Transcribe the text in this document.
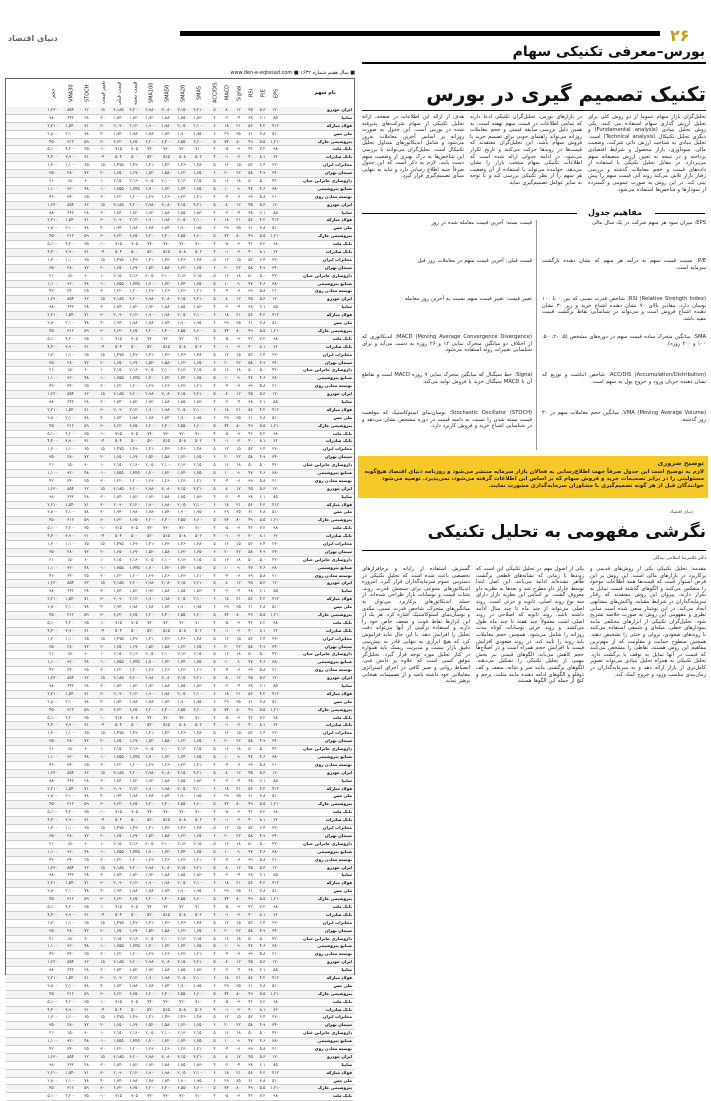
دنیای اقتصاد	۲۶
بورس–معرفی تکنیکی سهام
■ سال هفتم شماره ۱۶۳۲ ■ www.den-e-eqtesad.com
نام سهم
EPS
P/E
RSI
Signal
MACD
ACC/DIS
SMA5
SMA20
SMA50
SMA100
قیمت بسته
قیمت قبلی
تغییر قیمت
STOCH
VMA30
حجم
ایران خودرو
۱۲۰
۵.۳
۴۵
۱۲
۸
۵
۳,۲۱۰
۳,۱۵۰
۳,۰۸۰
۲,۹۸۰
۳,۲۰۰
۳,۱۸۵
۱۵
۶۲
۸۵۴
۱,۲۳۰
سایپا
۸۵
۶.۱
۳۸
-۴
-۲
۴
۱,۸۳۰
۱,۸۵۰
۱,۸۸۰
۱,۹۲۰
۱,۸۲۰
۱,۸۴۰
-۲۰
۲۸
۶۴۲
۹۸۰
فولاد مبارکه
۴۱۲
۴.۲
۵۶
۲۱
۱۸
۶
۲,۱۰۰
۲,۰۵۰
۱,۹۸۰
۱,۹۰۰
۲,۱۲۰
۲,۰۹۰
۳۰
۷۱
۱,۵۴۰
۲,۲۱۰
ملی مس
۵۱۰
۳.۸
۶۱
۳۵
۲۹
۶
۱,۹۵۰
۱,۹۰۰
۱,۸۴۰
۱,۷۸۰
۱,۹۸۰
۱,۹۴۰
۴۰
۷۸
۲,۱۰۰
۲,۸۰۰
پتروشیمی خارک
۱,۲۱۰
۵.۵
۴۹
۸۰
۷۴
۵
۶,۶۰۰
۶,۵۵۰
۶,۴۰۰
۶,۲۰۰
۶,۶۵۰
۶,۶۲۰
۳۰
۵۹
۳۱۲
۴۵۰
بانک ملت
۹۸
۷.۲
۴۲
-۳
-۵
۴
۷۱۰
۷۲۰
۷۳۰
۷۴۰
۷۰۵
۷۱۵
-۱۰
۳۵
۴,۲۰۰
۵,۱۰۰
بانک صادرات
۶۲
۸.۱
۴۰
-۲
-۱
۴
۵۰۲
۵۰۸
۵۱۵
۵۲۰
۵۰۰
۵۰۴
-۴
۳۱
۳,۹۰۰
۴,۴۰۰
مخابرات ایران
۲۳۰
۶.۴
۵۲
۱۵
۱۲
۵
۱,۴۸۰
۱,۴۶۰
۱,۴۳۰
۱,۴۱۰
۱,۴۹۰
۱,۴۷۵
۱۵
۶۵
۱,۱۰۰
۱,۳۰۰
سیمان تهران
۳۴۰
۴.۹
۵۸
۲۲
۲۰
۶
۱,۶۵۰
۱,۶۲۰
۱,۵۸۰
۱,۵۲۰
۱,۶۷۰
۱,۶۵۰
۲۰
۷۲
۲۸۰
۳۵۰
داروسازی جابرابن حیان
۴۲۰
۵.۰
۵۰
۱۸
۱۶
۵
۲,۱۵۰
۲,۱۳۰
۲,۱۰۰
۲,۰۵۰
۲,۱۶۰
۲,۱۵۰
۱۰
۶۰
۱۵۰
۲۱۰
صنایع پتروشیمی
۳۸۰
۴.۶
۴۷
۹
۱۰
۵
۱,۷۵۰
۱,۷۴۰
۱,۷۲۰
۱,۷۰۰
۱,۷۴۵
۱,۷۵۵
-۱۰
۴۸
۹۲۰
۱,۱۰۰
توسعه معادن روی
۲۱۰
۵.۸
۳۹
-۶
-۴
۴
۱,۲۱۰
۱,۲۳۰
۱,۲۶۰
۱,۲۹۰
۱,۲۰۰
۱,۲۲۰
-۲۰
۲۵
۳۴۰
۴۲۰
ایران خودرو
۱۲۰
۵.۳
۴۵
۱۲
۸
۵
۳,۲۱۰
۳,۱۵۰
۳,۰۸۰
۲,۹۸۰
۳,۲۰۰
۳,۱۸۵
۱۵
۶۲
۸۵۴
۱,۲۳۰
سایپا
۸۵
۶.۱
۳۸
-۴
-۲
۴
۱,۸۳۰
۱,۸۵۰
۱,۸۸۰
۱,۹۲۰
۱,۸۲۰
۱,۸۴۰
-۲۰
۲۸
۶۴۲
۹۸۰
فولاد مبارکه
۴۱۲
۴.۲
۵۶
۲۱
۱۸
۶
۲,۱۰۰
۲,۰۵۰
۱,۹۸۰
۱,۹۰۰
۲,۱۲۰
۲,۰۹۰
۳۰
۷۱
۱,۵۴۰
۲,۲۱۰
ملی مس
۵۱۰
۳.۸
۶۱
۳۵
۲۹
۶
۱,۹۵۰
۱,۹۰۰
۱,۸۴۰
۱,۷۸۰
۱,۹۸۰
۱,۹۴۰
۴۰
۷۸
۲,۱۰۰
۲,۸۰۰
پتروشیمی خارک
۱,۲۱۰
۵.۵
۴۹
۸۰
۷۴
۵
۶,۶۰۰
۶,۵۵۰
۶,۴۰۰
۶,۲۰۰
۶,۶۵۰
۶,۶۲۰
۳۰
۵۹
۳۱۲
۴۵۰
بانک ملت
۹۸
۷.۲
۴۲
-۳
-۵
۴
۷۱۰
۷۲۰
۷۳۰
۷۴۰
۷۰۵
۷۱۵
-۱۰
۳۵
۴,۲۰۰
۵,۱۰۰
بانک صادرات
۶۲
۸.۱
۴۰
-۲
-۱
۴
۵۰۲
۵۰۸
۵۱۵
۵۲۰
۵۰۰
۵۰۴
-۴
۳۱
۳,۹۰۰
۴,۴۰۰
مخابرات ایران
۲۳۰
۶.۴
۵۲
۱۵
۱۲
۵
۱,۴۸۰
۱,۴۶۰
۱,۴۳۰
۱,۴۱۰
۱,۴۹۰
۱,۴۷۵
۱۵
۶۵
۱,۱۰۰
۱,۳۰۰
سیمان تهران
۳۴۰
۴.۹
۵۸
۲۲
۲۰
۶
۱,۶۵۰
۱,۶۲۰
۱,۵۸۰
۱,۵۲۰
۱,۶۷۰
۱,۶۵۰
۲۰
۷۲
۲۸۰
۳۵۰
داروسازی جابرابن حیان
۴۲۰
۵.۰
۵۰
۱۸
۱۶
۵
۲,۱۵۰
۲,۱۳۰
۲,۱۰۰
۲,۰۵۰
۲,۱۶۰
۲,۱۵۰
۱۰
۶۰
۱۵۰
۲۱۰
صنایع پتروشیمی
۳۸۰
۴.۶
۴۷
۹
۱۰
۵
۱,۷۵۰
۱,۷۴۰
۱,۷۲۰
۱,۷۰۰
۱,۷۴۵
۱,۷۵۵
-۱۰
۴۸
۹۲۰
۱,۱۰۰
توسعه معادن روی
۲۱۰
۵.۸
۳۹
-۶
-۴
۴
۱,۲۱۰
۱,۲۳۰
۱,۲۶۰
۱,۲۹۰
۱,۲۰۰
۱,۲۲۰
-۲۰
۲۵
۳۴۰
۴۲۰
ایران خودرو
۱۲۰
۵.۳
۴۵
۱۲
۸
۵
۳,۲۱۰
۳,۱۵۰
۳,۰۸۰
۲,۹۸۰
۳,۲۰۰
۳,۱۸۵
۱۵
۶۲
۸۵۴
۱,۲۳۰
سایپا
۸۵
۶.۱
۳۸
-۴
-۲
۴
۱,۸۳۰
۱,۸۵۰
۱,۸۸۰
۱,۹۲۰
۱,۸۲۰
۱,۸۴۰
-۲۰
۲۸
۶۴۲
۹۸۰
فولاد مبارکه
۴۱۲
۴.۲
۵۶
۲۱
۱۸
۶
۲,۱۰۰
۲,۰۵۰
۱,۹۸۰
۱,۹۰۰
۲,۱۲۰
۲,۰۹۰
۳۰
۷۱
۱,۵۴۰
۲,۲۱۰
ملی مس
۵۱۰
۳.۸
۶۱
۳۵
۲۹
۶
۱,۹۵۰
۱,۹۰۰
۱,۸۴۰
۱,۷۸۰
۱,۹۸۰
۱,۹۴۰
۴۰
۷۸
۲,۱۰۰
۲,۸۰۰
پتروشیمی خارک
۱,۲۱۰
۵.۵
۴۹
۸۰
۷۴
۵
۶,۶۰۰
۶,۵۵۰
۶,۴۰۰
۶,۲۰۰
۶,۶۵۰
۶,۶۲۰
۳۰
۵۹
۳۱۲
۴۵۰
بانک ملت
۹۸
۷.۲
۴۲
-۳
-۵
۴
۷۱۰
۷۲۰
۷۳۰
۷۴۰
۷۰۵
۷۱۵
-۱۰
۳۵
۴,۲۰۰
۵,۱۰۰
بانک صادرات
۶۲
۸.۱
۴۰
-۲
-۱
۴
۵۰۲
۵۰۸
۵۱۵
۵۲۰
۵۰۰
۵۰۴
-۴
۳۱
۳,۹۰۰
۴,۴۰۰
مخابرات ایران
۲۳۰
۶.۴
۵۲
۱۵
۱۲
۵
۱,۴۸۰
۱,۴۶۰
۱,۴۳۰
۱,۴۱۰
۱,۴۹۰
۱,۴۷۵
۱۵
۶۵
۱,۱۰۰
۱,۳۰۰
سیمان تهران
۳۴۰
۴.۹
۵۸
۲۲
۲۰
۶
۱,۶۵۰
۱,۶۲۰
۱,۵۸۰
۱,۵۲۰
۱,۶۷۰
۱,۶۵۰
۲۰
۷۲
۲۸۰
۳۵۰
داروسازی جابرابن حیان
۴۲۰
۵.۰
۵۰
۱۸
۱۶
۵
۲,۱۵۰
۲,۱۳۰
۲,۱۰۰
۲,۰۵۰
۲,۱۶۰
۲,۱۵۰
۱۰
۶۰
۱۵۰
۲۱۰
صنایع پتروشیمی
۳۸۰
۴.۶
۴۷
۹
۱۰
۵
۱,۷۵۰
۱,۷۴۰
۱,۷۲۰
۱,۷۰۰
۱,۷۴۵
۱,۷۵۵
-۱۰
۴۸
۹۲۰
۱,۱۰۰
توسعه معادن روی
۲۱۰
۵.۸
۳۹
-۶
-۴
۴
۱,۲۱۰
۱,۲۳۰
۱,۲۶۰
۱,۲۹۰
۱,۲۰۰
۱,۲۲۰
-۲۰
۲۵
۳۴۰
۴۲۰
ایران خودرو
۱۲۰
۵.۳
۴۵
۱۲
۸
۵
۳,۲۱۰
۳,۱۵۰
۳,۰۸۰
۲,۹۸۰
۳,۲۰۰
۳,۱۸۵
۱۵
۶۲
۸۵۴
۱,۲۳۰
سایپا
۸۵
۶.۱
۳۸
-۴
-۲
۴
۱,۸۳۰
۱,۸۵۰
۱,۸۸۰
۱,۹۲۰
۱,۸۲۰
۱,۸۴۰
-۲۰
۲۸
۶۴۲
۹۸۰
فولاد مبارکه
۴۱۲
۴.۲
۵۶
۲۱
۱۸
۶
۲,۱۰۰
۲,۰۵۰
۱,۹۸۰
۱,۹۰۰
۲,۱۲۰
۲,۰۹۰
۳۰
۷۱
۱,۵۴۰
۲,۲۱۰
ملی مس
۵۱۰
۳.۸
۶۱
۳۵
۲۹
۶
۱,۹۵۰
۱,۹۰۰
۱,۸۴۰
۱,۷۸۰
۱,۹۸۰
۱,۹۴۰
۴۰
۷۸
۲,۱۰۰
۲,۸۰۰
پتروشیمی خارک
۱,۲۱۰
۵.۵
۴۹
۸۰
۷۴
۵
۶,۶۰۰
۶,۵۵۰
۶,۴۰۰
۶,۲۰۰
۶,۶۵۰
۶,۶۲۰
۳۰
۵۹
۳۱۲
۴۵۰
بانک ملت
۹۸
۷.۲
۴۲
-۳
-۵
۴
۷۱۰
۷۲۰
۷۳۰
۷۴۰
۷۰۵
۷۱۵
-۱۰
۳۵
۴,۲۰۰
۵,۱۰۰
بانک صادرات
۶۲
۸.۱
۴۰
-۲
-۱
۴
۵۰۲
۵۰۸
۵۱۵
۵۲۰
۵۰۰
۵۰۴
-۴
۳۱
۳,۹۰۰
۴,۴۰۰
مخابرات ایران
۲۳۰
۶.۴
۵۲
۱۵
۱۲
۵
۱,۴۸۰
۱,۴۶۰
۱,۴۳۰
۱,۴۱۰
۱,۴۹۰
۱,۴۷۵
۱۵
۶۵
۱,۱۰۰
۱,۳۰۰
سیمان تهران
۳۴۰
۴.۹
۵۸
۲۲
۲۰
۶
۱,۶۵۰
۱,۶۲۰
۱,۵۸۰
۱,۵۲۰
۱,۶۷۰
۱,۶۵۰
۲۰
۷۲
۲۸۰
۳۵۰
داروسازی جابرابن حیان
۴۲۰
۵.۰
۵۰
۱۸
۱۶
۵
۲,۱۵۰
۲,۱۳۰
۲,۱۰۰
۲,۰۵۰
۲,۱۶۰
۲,۱۵۰
۱۰
۶۰
۱۵۰
۲۱۰
صنایع پتروشیمی
۳۸۰
۴.۶
۴۷
۹
۱۰
۵
۱,۷۵۰
۱,۷۴۰
۱,۷۲۰
۱,۷۰۰
۱,۷۴۵
۱,۷۵۵
-۱۰
۴۸
۹۲۰
۱,۱۰۰
توسعه معادن روی
۲۱۰
۵.۸
۳۹
-۶
-۴
۴
۱,۲۱۰
۱,۲۳۰
۱,۲۶۰
۱,۲۹۰
۱,۲۰۰
۱,۲۲۰
-۲۰
۲۵
۳۴۰
۴۲۰
ایران خودرو
۱۲۰
۵.۳
۴۵
۱۲
۸
۵
۳,۲۱۰
۳,۱۵۰
۳,۰۸۰
۲,۹۸۰
۳,۲۰۰
۳,۱۸۵
۱۵
۶۲
۸۵۴
۱,۲۳۰
سایپا
۸۵
۶.۱
۳۸
-۴
-۲
۴
۱,۸۳۰
۱,۸۵۰
۱,۸۸۰
۱,۹۲۰
۱,۸۲۰
۱,۸۴۰
-۲۰
۲۸
۶۴۲
۹۸۰
فولاد مبارکه
۴۱۲
۴.۲
۵۶
۲۱
۱۸
۶
۲,۱۰۰
۲,۰۵۰
۱,۹۸۰
۱,۹۰۰
۲,۱۲۰
۲,۰۹۰
۳۰
۷۱
۱,۵۴۰
۲,۲۱۰
ملی مس
۵۱۰
۳.۸
۶۱
۳۵
۲۹
۶
۱,۹۵۰
۱,۹۰۰
۱,۸۴۰
۱,۷۸۰
۱,۹۸۰
۱,۹۴۰
۴۰
۷۸
۲,۱۰۰
۲,۸۰۰
پتروشیمی خارک
۱,۲۱۰
۵.۵
۴۹
۸۰
۷۴
۵
۶,۶۰۰
۶,۵۵۰
۶,۴۰۰
۶,۲۰۰
۶,۶۵۰
۶,۶۲۰
۳۰
۵۹
۳۱۲
۴۵۰
بانک ملت
۹۸
۷.۲
۴۲
-۳
-۵
۴
۷۱۰
۷۲۰
۷۳۰
۷۴۰
۷۰۵
۷۱۵
-۱۰
۳۵
۴,۲۰۰
۵,۱۰۰
بانک صادرات
۶۲
۸.۱
۴۰
-۲
-۱
۴
۵۰۲
۵۰۸
۵۱۵
۵۲۰
۵۰۰
۵۰۴
-۴
۳۱
۳,۹۰۰
۴,۴۰۰
مخابرات ایران
۲۳۰
۶.۴
۵۲
۱۵
۱۲
۵
۱,۴۸۰
۱,۴۶۰
۱,۴۳۰
۱,۴۱۰
۱,۴۹۰
۱,۴۷۵
۱۵
۶۵
۱,۱۰۰
۱,۳۰۰
سیمان تهران
۳۴۰
۴.۹
۵۸
۲۲
۲۰
۶
۱,۶۵۰
۱,۶۲۰
۱,۵۸۰
۱,۵۲۰
۱,۶۷۰
۱,۶۵۰
۲۰
۷۲
۲۸۰
۳۵۰
داروسازی جابرابن حیان
۴۲۰
۵.۰
۵۰
۱۸
۱۶
۵
۲,۱۵۰
۲,۱۳۰
۲,۱۰۰
۲,۰۵۰
۲,۱۶۰
۲,۱۵۰
۱۰
۶۰
۱۵۰
۲۱۰
صنایع پتروشیمی
۳۸۰
۴.۶
۴۷
۹
۱۰
۵
۱,۷۵۰
۱,۷۴۰
۱,۷۲۰
۱,۷۰۰
۱,۷۴۵
۱,۷۵۵
-۱۰
۴۸
۹۲۰
۱,۱۰۰
توسعه معادن روی
۲۱۰
۵.۸
۳۹
-۶
-۴
۴
۱,۲۱۰
۱,۲۳۰
۱,۲۶۰
۱,۲۹۰
۱,۲۰۰
۱,۲۲۰
-۲۰
۲۵
۳۴۰
۴۲۰
ایران خودرو
۱۲۰
۵.۳
۴۵
۱۲
۸
۵
۳,۲۱۰
۳,۱۵۰
۳,۰۸۰
۲,۹۸۰
۳,۲۰۰
۳,۱۸۵
۱۵
۶۲
۸۵۴
۱,۲۳۰
سایپا
۸۵
۶.۱
۳۸
-۴
-۲
۴
۱,۸۳۰
۱,۸۵۰
۱,۸۸۰
۱,۹۲۰
۱,۸۲۰
۱,۸۴۰
-۲۰
۲۸
۶۴۲
۹۸۰
فولاد مبارکه
۴۱۲
۴.۲
۵۶
۲۱
۱۸
۶
۲,۱۰۰
۲,۰۵۰
۱,۹۸۰
۱,۹۰۰
۲,۱۲۰
۲,۰۹۰
۳۰
۷۱
۱,۵۴۰
۲,۲۱۰
ملی مس
۵۱۰
۳.۸
۶۱
۳۵
۲۹
۶
۱,۹۵۰
۱,۹۰۰
۱,۸۴۰
۱,۷۸۰
۱,۹۸۰
۱,۹۴۰
۴۰
۷۸
۲,۱۰۰
۲,۸۰۰
پتروشیمی خارک
۱,۲۱۰
۵.۵
۴۹
۸۰
۷۴
۵
۶,۶۰۰
۶,۵۵۰
۶,۴۰۰
۶,۲۰۰
۶,۶۵۰
۶,۶۲۰
۳۰
۵۹
۳۱۲
۴۵۰
بانک ملت
۹۸
۷.۲
۴۲
-۳
-۵
۴
۷۱۰
۷۲۰
۷۳۰
۷۴۰
۷۰۵
۷۱۵
-۱۰
۳۵
۴,۲۰۰
۵,۱۰۰
بانک صادرات
۶۲
۸.۱
۴۰
-۲
-۱
۴
۵۰۲
۵۰۸
۵۱۵
۵۲۰
۵۰۰
۵۰۴
-۴
۳۱
۳,۹۰۰
۴,۴۰۰
مخابرات ایران
۲۳۰
۶.۴
۵۲
۱۵
۱۲
۵
۱,۴۸۰
۱,۴۶۰
۱,۴۳۰
۱,۴۱۰
۱,۴۹۰
۱,۴۷۵
۱۵
۶۵
۱,۱۰۰
۱,۳۰۰
سیمان تهران
۳۴۰
۴.۹
۵۸
۲۲
۲۰
۶
۱,۶۵۰
۱,۶۲۰
۱,۵۸۰
۱,۵۲۰
۱,۶۷۰
۱,۶۵۰
۲۰
۷۲
۲۸۰
۳۵۰
داروسازی جابرابن حیان
۴۲۰
۵.۰
۵۰
۱۸
۱۶
۵
۲,۱۵۰
۲,۱۳۰
۲,۱۰۰
۲,۰۵۰
۲,۱۶۰
۲,۱۵۰
۱۰
۶۰
۱۵۰
۲۱۰
صنایع پتروشیمی
۳۸۰
۴.۶
۴۷
۹
۱۰
۵
۱,۷۵۰
۱,۷۴۰
۱,۷۲۰
۱,۷۰۰
۱,۷۴۵
۱,۷۵۵
-۱۰
۴۸
۹۲۰
۱,۱۰۰
توسعه معادن روی
۲۱۰
۵.۸
۳۹
-۶
-۴
۴
۱,۲۱۰
۱,۲۳۰
۱,۲۶۰
۱,۲۹۰
۱,۲۰۰
۱,۲۲۰
-۲۰
۲۵
۳۴۰
۴۲۰
ایران خودرو
۱۲۰
۵.۳
۴۵
۱۲
۸
۵
۳,۲۱۰
۳,۱۵۰
۳,۰۸۰
۲,۹۸۰
۳,۲۰۰
۳,۱۸۵
۱۵
۶۲
۸۵۴
۱,۲۳۰
سایپا
۸۵
۶.۱
۳۸
-۴
-۲
۴
۱,۸۳۰
۱,۸۵۰
۱,۸۸۰
۱,۹۲۰
۱,۸۲۰
۱,۸۴۰
-۲۰
۲۸
۶۴۲
۹۸۰
فولاد مبارکه
۴۱۲
۴.۲
۵۶
۲۱
۱۸
۶
۲,۱۰۰
۲,۰۵۰
۱,۹۸۰
۱,۹۰۰
۲,۱۲۰
۲,۰۹۰
۳۰
۷۱
۱,۵۴۰
۲,۲۱۰
ملی مس
۵۱۰
۳.۸
۶۱
۳۵
۲۹
۶
۱,۹۵۰
۱,۹۰۰
۱,۸۴۰
۱,۷۸۰
۱,۹۸۰
۱,۹۴۰
۴۰
۷۸
۲,۱۰۰
۲,۸۰۰
پتروشیمی خارک
۱,۲۱۰
۵.۵
۴۹
۸۰
۷۴
۵
۶,۶۰۰
۶,۵۵۰
۶,۴۰۰
۶,۲۰۰
۶,۶۵۰
۶,۶۲۰
۳۰
۵۹
۳۱۲
۴۵۰
بانک ملت
۹۸
۷.۲
۴۲
-۳
-۵
۴
۷۱۰
۷۲۰
۷۳۰
۷۴۰
۷۰۵
۷۱۵
-۱۰
۳۵
۴,۲۰۰
۵,۱۰۰
بانک صادرات
۶۲
۸.۱
۴۰
-۲
-۱
۴
۵۰۲
۵۰۸
۵۱۵
۵۲۰
۵۰۰
۵۰۴
-۴
۳۱
۳,۹۰۰
۴,۴۰۰
مخابرات ایران
۲۳۰
۶.۴
۵۲
۱۵
۱۲
۵
۱,۴۸۰
۱,۴۶۰
۱,۴۳۰
۱,۴۱۰
۱,۴۹۰
۱,۴۷۵
۱۵
۶۵
۱,۱۰۰
۱,۳۰۰
سیمان تهران
۳۴۰
۴.۹
۵۸
۲۲
۲۰
۶
۱,۶۵۰
۱,۶۲۰
۱,۵۸۰
۱,۵۲۰
۱,۶۷۰
۱,۶۵۰
۲۰
۷۲
۲۸۰
۳۵۰
داروسازی جابرابن حیان
۴۲۰
۵.۰
۵۰
۱۸
۱۶
۵
۲,۱۵۰
۲,۱۳۰
۲,۱۰۰
۲,۰۵۰
۲,۱۶۰
۲,۱۵۰
۱۰
۶۰
۱۵۰
۲۱۰
صنایع پتروشیمی
۳۸۰
۴.۶
۴۷
۹
۱۰
۵
۱,۷۵۰
۱,۷۴۰
۱,۷۲۰
۱,۷۰۰
۱,۷۴۵
۱,۷۵۵
-۱۰
۴۸
۹۲۰
۱,۱۰۰
توسعه معادن روی
۲۱۰
۵.۸
۳۹
-۶
-۴
۴
۱,۲۱۰
۱,۲۳۰
۱,۲۶۰
۱,۲۹۰
۱,۲۰۰
۱,۲۲۰
-۲۰
۲۵
۳۴۰
۴۲۰
ایران خودرو
۱۲۰
۵.۳
۴۵
۱۲
۸
۵
۳,۲۱۰
۳,۱۵۰
۳,۰۸۰
۲,۹۸۰
۳,۲۰۰
۳,۱۸۵
۱۵
۶۲
۸۵۴
۱,۲۳۰
سایپا
۸۵
۶.۱
۳۸
-۴
-۲
۴
۱,۸۳۰
۱,۸۵۰
۱,۸۸۰
۱,۹۲۰
۱,۸۲۰
۱,۸۴۰
-۲۰
۲۸
۶۴۲
۹۸۰
فولاد مبارکه
۴۱۲
۴.۲
۵۶
۲۱
۱۸
۶
۲,۱۰۰
۲,۰۵۰
۱,۹۸۰
۱,۹۰۰
۲,۱۲۰
۲,۰۹۰
۳۰
۷۱
۱,۵۴۰
۲,۲۱۰
ملی مس
۵۱۰
۳.۸
۶۱
۳۵
۲۹
۶
۱,۹۵۰
۱,۹۰۰
۱,۸۴۰
۱,۷۸۰
۱,۹۸۰
۱,۹۴۰
۴۰
۷۸
۲,۱۰۰
۲,۸۰۰
پتروشیمی خارک
۱,۲۱۰
۵.۵
۴۹
۸۰
۷۴
۵
۶,۶۰۰
۶,۵۵۰
۶,۴۰۰
۶,۲۰۰
۶,۶۵۰
۶,۶۲۰
۳۰
۵۹
۳۱۲
۴۵۰
بانک ملت
۹۸
۷.۲
۴۲
-۳
-۵
۴
۷۱۰
۷۲۰
۷۳۰
۷۴۰
۷۰۵
۷۱۵
-۱۰
۳۵
۴,۲۰۰
۵,۱۰۰
بانک صادرات
۶۲
۸.۱
۴۰
-۲
-۱
۴
۵۰۲
۵۰۸
۵۱۵
۵۲۰
۵۰۰
۵۰۴
-۴
۳۱
۳,۹۰۰
۴,۴۰۰
مخابرات ایران
۲۳۰
۶.۴
۵۲
۱۵
۱۲
۵
۱,۴۸۰
۱,۴۶۰
۱,۴۳۰
۱,۴۱۰
۱,۴۹۰
۱,۴۷۵
۱۵
۶۵
۱,۱۰۰
۱,۳۰۰
سیمان تهران
۳۴۰
۴.۹
۵۸
۲۲
۲۰
۶
۱,۶۵۰
۱,۶۲۰
۱,۵۸۰
۱,۵۲۰
۱,۶۷۰
۱,۶۵۰
۲۰
۷۲
۲۸۰
۳۵۰
داروسازی جابرابن حیان
۴۲۰
۵.۰
۵۰
۱۸
۱۶
۵
۲,۱۵۰
۲,۱۳۰
۲,۱۰۰
۲,۰۵۰
۲,۱۶۰
۲,۱۵۰
۱۰
۶۰
۱۵۰
۲۱۰
صنایع پتروشیمی
۳۸۰
۴.۶
۴۷
۹
۱۰
۵
۱,۷۵۰
۱,۷۴۰
۱,۷۲۰
۱,۷۰۰
۱,۷۴۵
۱,۷۵۵
-۱۰
۴۸
۹۲۰
۱,۱۰۰
توسعه معادن روی
۲۱۰
۵.۸
۳۹
-۶
-۴
۴
۱,۲۱۰
۱,۲۳۰
۱,۲۶۰
۱,۲۹۰
۱,۲۰۰
۱,۲۲۰
-۲۰
۲۵
۳۴۰
۴۲۰
ایران خودرو
۱۲۰
۵.۳
۴۵
۱۲
۸
۵
۳,۲۱۰
۳,۱۵۰
۳,۰۸۰
۲,۹۸۰
۳,۲۰۰
۳,۱۸۵
۱۵
۶۲
۸۵۴
۱,۲۳۰
سایپا
۸۵
۶.۱
۳۸
-۴
-۲
۴
۱,۸۳۰
۱,۸۵۰
۱,۸۸۰
۱,۹۲۰
۱,۸۲۰
۱,۸۴۰
-۲۰
۲۸
۶۴۲
۹۸۰
فولاد مبارکه
۴۱۲
۴.۲
۵۶
۲۱
۱۸
۶
۲,۱۰۰
۲,۰۵۰
۱,۹۸۰
۱,۹۰۰
۲,۱۲۰
۲,۰۹۰
۳۰
۷۱
۱,۵۴۰
۲,۲۱۰
ملی مس
۵۱۰
۳.۸
۶۱
۳۵
۲۹
۶
۱,۹۵۰
۱,۹۰۰
۱,۸۴۰
۱,۷۸۰
۱,۹۸۰
۱,۹۴۰
۴۰
۷۸
۲,۱۰۰
۲,۸۰۰
پتروشیمی خارک
۱,۲۱۰
۵.۵
۴۹
۸۰
۷۴
۵
۶,۶۰۰
۶,۵۵۰
۶,۴۰۰
۶,۲۰۰
۶,۶۵۰
۶,۶۲۰
۳۰
۵۹
۳۱۲
۴۵۰
بانک ملت
۹۸
۷.۲
۴۲
-۳
-۵
۴
۷۱۰
۷۲۰
۷۳۰
۷۴۰
۷۰۵
۷۱۵
-۱۰
۳۵
۴,۲۰۰
۵,۱۰۰
بانک صادرات
۶۲
۸.۱
۴۰
-۲
-۱
۴
۵۰۲
۵۰۸
۵۱۵
۵۲۰
۵۰۰
۵۰۴
-۴
۳۱
۳,۹۰۰
۴,۴۰۰
مخابرات ایران
۲۳۰
۶.۴
۵۲
۱۵
۱۲
۵
۱,۴۸۰
۱,۴۶۰
۱,۴۳۰
۱,۴۱۰
۱,۴۹۰
۱,۴۷۵
۱۵
۶۵
۱,۱۰۰
۱,۳۰۰
سیمان تهران
۳۴۰
۴.۹
۵۸
۲۲
۲۰
۶
۱,۶۵۰
۱,۶۲۰
۱,۵۸۰
۱,۵۲۰
۱,۶۷۰
۱,۶۵۰
۲۰
۷۲
۲۸۰
۳۵۰
داروسازی جابرابن حیان
۴۲۰
۵.۰
۵۰
۱۸
۱۶
۵
۲,۱۵۰
۲,۱۳۰
۲,۱۰۰
۲,۰۵۰
۲,۱۶۰
۲,۱۵۰
۱۰
۶۰
۱۵۰
۲۱۰
صنایع پتروشیمی
۳۸۰
۴.۶
۴۷
۹
۱۰
۵
۱,۷۵۰
۱,۷۴۰
۱,۷۲۰
۱,۷۰۰
۱,۷۴۵
۱,۷۵۵
-۱۰
۴۸
۹۲۰
۱,۱۰۰
توسعه معادن روی
۲۱۰
۵.۸
۳۹
-۶
-۴
۴
۱,۲۱۰
۱,۲۳۰
۱,۲۶۰
۱,۲۹۰
۱,۲۰۰
۱,۲۲۰
-۲۰
۲۵
۳۴۰
۴۲۰
ایران خودرو
۱۲۰
۵.۳
۴۵
۱۲
۸
۵
۳,۲۱۰
۳,۱۵۰
۳,۰۸۰
۲,۹۸۰
۳,۲۰۰
۳,۱۸۵
۱۵
۶۲
۸۵۴
۱,۲۳۰
سایپا
۸۵
۶.۱
۳۸
-۴
-۲
۴
۱,۸۳۰
۱,۸۵۰
۱,۸۸۰
۱,۹۲۰
۱,۸۲۰
۱,۸۴۰
-۲۰
۲۸
۶۴۲
۹۸۰
فولاد مبارکه
۴۱۲
۴.۲
۵۶
۲۱
۱۸
۶
۲,۱۰۰
۲,۰۵۰
۱,۹۸۰
۱,۹۰۰
۲,۱۲۰
۲,۰۹۰
۳۰
۷۱
۱,۵۴۰
۲,۲۱۰
ملی مس
۵۱۰
۳.۸
۶۱
۳۵
۲۹
۶
۱,۹۵۰
۱,۹۰۰
۱,۸۴۰
۱,۷۸۰
۱,۹۸۰
۱,۹۴۰
۴۰
۷۸
۲,۱۰۰
۲,۸۰۰
پتروشیمی خارک
۱,۲۱۰
۵.۵
۴۹
۸۰
۷۴
۵
۶,۶۰۰
۶,۵۵۰
۶,۴۰۰
۶,۲۰۰
۶,۶۵۰
۶,۶۲۰
۳۰
۵۹
۳۱۲
۴۵۰
بانک ملت
۹۸
۷.۲
۴۲
-۳
-۵
۴
۷۱۰
۷۲۰
۷۳۰
۷۴۰
۷۰۵
۷۱۵
-۱۰
۳۵
۴,۲۰۰
۵,۱۰۰
بانک صادرات
۶۲
۸.۱
۴۰
-۲
-۱
۴
۵۰۲
۵۰۸
۵۱۵
۵۲۰
۵۰۰
۵۰۴
-۴
۳۱
۳,۹۰۰
۴,۴۰۰
مخابرات ایران
۲۳۰
۶.۴
۵۲
۱۵
۱۲
۵
۱,۴۸۰
۱,۴۶۰
۱,۴۳۰
۱,۴۱۰
۱,۴۹۰
۱,۴۷۵
۱۵
۶۵
۱,۱۰۰
۱,۳۰۰
سیمان تهران
۳۴۰
۴.۹
۵۸
۲۲
۲۰
۶
۱,۶۵۰
۱,۶۲۰
۱,۵۸۰
۱,۵۲۰
۱,۶۷۰
۱,۶۵۰
۲۰
۷۲
۲۸۰
۳۵۰
داروسازی جابرابن حیان
۴۲۰
۵.۰
۵۰
۱۸
۱۶
۵
۲,۱۵۰
۲,۱۳۰
۲,۱۰۰
۲,۰۵۰
۲,۱۶۰
۲,۱۵۰
۱۰
۶۰
۱۵۰
۲۱۰
صنایع پتروشیمی
۳۸۰
۴.۶
۴۷
۹
۱۰
۵
۱,۷۵۰
۱,۷۴۰
۱,۷۲۰
۱,۷۰۰
۱,۷۴۵
۱,۷۵۵
-۱۰
۴۸
۹۲۰
۱,۱۰۰
توسعه معادن روی
۲۱۰
۵.۸
۳۹
-۶
-۴
۴
۱,۲۱۰
۱,۲۳۰
۱,۲۶۰
۱,۲۹۰
۱,۲۰۰
۱,۲۲۰
-۲۰
۲۵
۳۴۰
۴۲۰
ایران خودرو
۱۲۰
۵.۳
۴۵
۱۲
۸
۵
۳,۲۱۰
۳,۱۵۰
۳,۰۸۰
۲,۹۸۰
۳,۲۰۰
۳,۱۸۵
۱۵
۶۲
۸۵۴
۱,۲۳۰
سایپا
۸۵
۶.۱
۳۸
-۴
-۲
۴
۱,۸۳۰
۱,۸۵۰
۱,۸۸۰
۱,۹۲۰
۱,۸۲۰
۱,۸۴۰
-۲۰
۲۸
۶۴۲
۹۸۰
فولاد مبارکه
۴۱۲
۴.۲
۵۶
۲۱
۱۸
۶
۲,۱۰۰
۲,۰۵۰
۱,۹۸۰
۱,۹۰۰
۲,۱۲۰
۲,۰۹۰
۳۰
۷۱
۱,۵۴۰
۲,۲۱۰
ملی مس
۵۱۰
۳.۸
۶۱
۳۵
۲۹
۶
۱,۹۵۰
۱,۹۰۰
۱,۸۴۰
۱,۷۸۰
۱,۹۸۰
۱,۹۴۰
۴۰
۷۸
۲,۱۰۰
۲,۸۰۰
پتروشیمی خارک
۱,۲۱۰
۵.۵
۴۹
۸۰
۷۴
۵
۶,۶۰۰
۶,۵۵۰
۶,۴۰۰
۶,۲۰۰
۶,۶۵۰
۶,۶۲۰
۳۰
۵۹
۳۱۲
۴۵۰
بانک ملت
۹۸
۷.۲
۴۲
-۳
-۵
۴
۷۱۰
۷۲۰
۷۳۰
۷۴۰
۷۰۵
۷۱۵
-۱۰
۳۵
۴,۲۰۰
۵,۱۰۰
تکنیک تصمیم گیری در بورس
تحلیل‌گران بازار سهام عموما از دو روش کلی برای تحلیل ارزش گذاری سهام استفاده می کنند. یکی روش تحلیل بنیادی (Fundamental analysis) و دیگری تحلیل تکنیکال (Technical analysis) است. تحلیل بنیادی به شناخت ارزش ذاتی شرکت، وضعیت مالی، سودآوری، بازار محصول و شرایط اقتصادی پرداخته و در نتیجه به تعیین ارزش منصفانه سهم می‌پردازد. در مقابل تحلیل تکنیکی با استفاده از داده‌های قیمت و حجم معاملات گذشته و بررسی رفتار بازار تلاش می‌کند روند آتی قیمت سهم را پیش بینی کند. در این روش به صورت عمومی و گسترده از نمودارها و شاخص‌ها استفاده می‌شود.
در بازارهای بورس، تحلیل‌گران تکنیکی ادعا دارند که تمامی اطلاعات در قیمت سهم نهفته است. به همین دلیل بررسی سابقه قیمتی و حجم معاملات روزانه می‌تواند راهنمای خوبی برای تصمیم خرید یا فروش سهام باشد. این تحلیل‌گران معتقدند که قیمت‌ها در روندها حرکت می‌کنند و تاریخ تکرار می‌شود. در ادامه جدولی ارائه شده است که اطلاعات تکنیکی سهام منتخب بازار را نشان می‌دهد. خواننده می‌تواند با استفاده از آن وضعیت هر سهم را از نظر تکنیکی بررسی کند و با توجه به سایر عوامل تصمیم‌گیری نماید.
هدف از ارائه این اطلاعات در صفحه، ارائه تحلیل تکنیکی از سهام شرکت‌های پذیرفته شده در بورس است. این جدول به صورت روزانه بر اساس آخرین معاملات به‌روز می‌شود و شامل اندیکاتورهای متداول تحلیل تکنیکال است. تحلیل‌گران می‌توانند با بررسی این شاخص‌ها به درک بهتری از وضعیت سهم دست یابند. لازم به ذکر است که این جدول صرفاً جنبه اطلاع رسانی دارد و نباید به تنهایی مبنای تصمیم‌گیری قرار گیرد.
مفاهیم جدول
EPS: میزان سود هر سهم شرکت در یک سال مالی
P/E: نسبت قیمت سهم به درآمد هر سهم که نشان دهنده بازگشت سرمایه است.
RSI (Relative Strength Index): شاخص قدرت نسبی که بین ۰ تا ۱۰۰ نوسان دارد. مقادیر بالای ۷۰ نشان دهنده اشباع خرید و زیر ۳۰ نشان دهنده اشباع فروش است و می‌تواند در شناسایی نقاط برگشت قیمت مفید باشد.
SMA: میانگین متحرک ساده قیمت سهم در دوره‌های مشخص (۵، ۲۰، ۵۰، ۱۰۰ و ۲۰۰ روزه).
ACC/DIS (Accumulation/Distribution): شاخص انباشت و توزیع که نشان دهنده جریان ورود و خروج پول به سهم است.
VMA (Moving Average Volume): میانگین حجم معاملات سهم در ۳۰ روز گذشته.
قیمت بسته: آخرین قیمت معامله شده در روز
قیمت قبلی: آخرین قیمت سهم در معاملات روز قبل
تغییر قیمت: تغییر قیمت سهم نسبت به آخرین روز معامله
MACD (Moving Average Convergence Divergence): اندیکاتوری که از اختلاف دو میانگین متحرک نمایی ۱۲ و ۲۶ روزه به دست می‌آید و برای شناسایی تغییرات روند استفاده می‌شود.
Signal: خط سیگنال که میانگین متحرک نمایی ۹ روزه MACD است و تقاطع آن با MACD سیگنال خرید یا فروش تولید می‌کند.
Stochastic Oscillator (STOCH): نوسان‌نمای استوکاستیک که موقعیت قیمت بسته شدن را نسبت به دامنه قیمت در دوره مشخص نشان می‌دهد و در شناسایی اشباع خرید و فروش کاربرد دارد.
توضیح ضروری
لازم به توضیح است این جدول صرفاً جهت اطلاع‌رسانی به فعالان بازار سرمایه منتشر می‌شود و روزنامه دنیای اقتصاد هیچ‌گونه مسئولیتی را در برابر تصمیمات خرید و فروش سهام که بر اساس این اطلاعات گرفته می‌شود، نمی‌پذیرد. توصیه می‌شود خوانندگان قبل از هر گونه تصمیم‌گیری با مشاوران سرمایه‌گذاری مشورت نمایند.
دنیای اقتصاد
نگرشی مفهومی به تحلیل تکنیکی
دکتر غلامرضا اسلامی بیدگلی
مقدمه: تحلیل تکنیکی یکی از روش‌های قدیمی و پرکاربرد در بازارهای مالی است. این روش بر این فرض استوار است که قیمت‌ها همه اطلاعات موجود را منعکس می‌کنند و الگوهای گذشته قیمت تمایل به تکرار دارند. پیروان این روش معتقدند که رفتار سرمایه‌گذاران در شرایط مشابه، واکنش‌های مشابهی ایجاد می‌کند. در این نوشتار سعی شده است مبانی نظری و مفهومی این روش به صورت خلاصه تشریح شود. تحلیل‌گران تکنیکی از ابزارهای مختلفی مانند نمودارهای خطی، میله‌ای و شمعی استفاده می‌کنند تا روندهای صعودی، نزولی و خنثی را تشخیص دهند. همچنین سطوح حمایت و مقاومت که از مهم‌ترین مفاهیم این روش هستند، نقاطی را مشخص می‌کنند که قیمت در آنها تمایل به توقف یا برگشت دارد. تحلیل تکنیکی به همراه تحلیل بنیادی می‌تواند تصویر کامل‌تری از بازار ارائه دهد و به سرمایه‌گذاران در زمان‌بندی مناسب ورود و خروج کمک کند.
یکی از اصول مهم در تحلیل تکنیکی این است که روندها تا زمانی که نشانه‌های قطعی برگشت ظاهر نشده‌اند ادامه می‌یابند. این اصل ابتدا توسط چارلز داو مطرح شد و بعدها به نظریه داو معروف گشت. بر اساس این نظریه بازار دارای سه نوع روند اصلی، ثانویه و جزئی است. روند اصلی می‌تواند از چند ماه تا چند سال ادامه داشته باشد. روند ثانویه که اصلاحی در روند اصلی است معمولاً چند هفته تا چند ماه طول می‌کشد. و روند جزئی نوسانات کوتاه مدت روزانه را شامل می‌شود. همچنین حجم معاملات باید روند را تأیید کند. در روند صعودی افزایش قیمت با افزایش حجم همراه است و در اصلاح‌ها حجم کاهش می‌یابد. الگوهای قیمتی نیز بخش مهمی از تحلیل تکنیکی را تشکیل می‌دهند. الگوهای برگشتی مانند سر و شانه، سقف و کف دوقلو و الگوهای ادامه دهنده مانند مثلث، پرچم و کنج از جمله این الگوها هستند.
گسترش استفاده از رایانه و نرم‌افزارهای تخصصی باعث شده است که تحلیل تکنیکی در دسترس عموم سرمایه‌گذاران قرار گیرد. امروزه اندیکاتورهای متنوعی برای سنجش قدرت روند، شتاب قیمت و نوسانات بازار طراحی شده‌اند. از جمله اندیکاتورهای پرکاربرد می‌توان به میانگین‌های متحرک، شاخص قدرت نسبی، مکدی و نوسان‌نمای استوکاستیک اشاره کرد. هر یک از این ابزارها نقاط قوت و ضعف خاص خود را دارند و استفاده ترکیبی از آنها می‌تواند دقت تحلیل را افزایش دهد. با این حال نباید فراموش کرد که هیچ ابزاری به تنهایی قادر به پیش‌بینی دقیق بازار نیست و مدیریت ریسک باید همواره در کنار تحلیل مورد توجه قرار گیرد. تحلیل‌گر موفق کسی است که علاوه بر دانش فنی، انضباط روانی و صبر کافی در اجرای استراتژی معاملاتی خود داشته باشد و از تصمیمات هیجانی پرهیز نماید.
